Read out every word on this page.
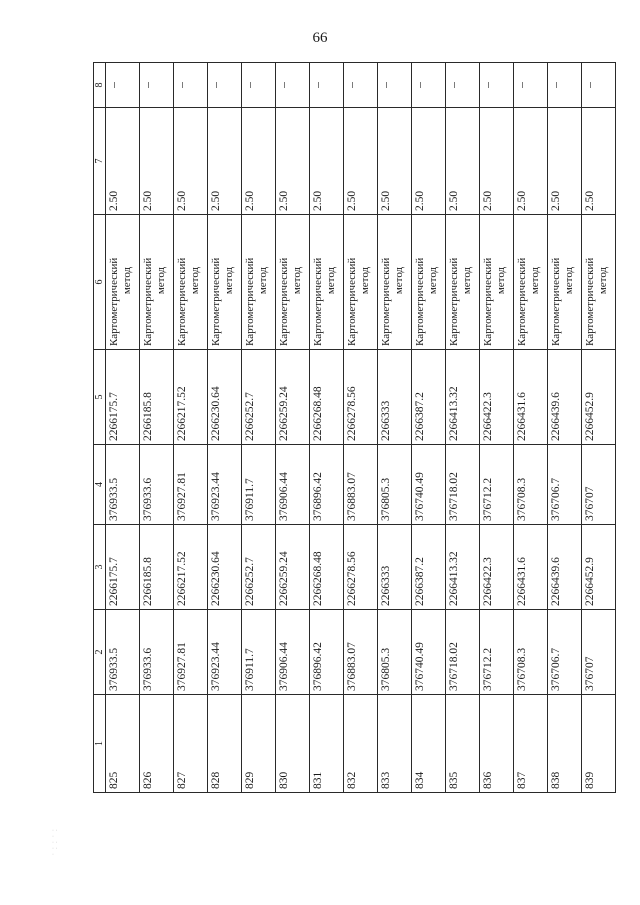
66
1	2	3	4	5	6	7	8
825	376933.5	2266175.7	376933.5	2266175.7	Картометрический метод	2.50	–
826	376933.6	2266185.8	376933.6	2266185.8	Картометрический метод	2.50	–
827	376927.81	2266217.52	376927.81	2266217.52	Картометрический метод	2.50	–
828	376923.44	2266230.64	376923.44	2266230.64	Картометрический метод	2.50	–
829	376911.7	2266252.7	376911.7	2266252.7	Картометрический метод	2.50	–
830	376906.44	2266259.24	376906.44	2266259.24	Картометрический метод	2.50	–
831	376896.42	2266268.48	376896.42	2266268.48	Картометрический метод	2.50	–
832	376883.07	2266278.56	376883.07	2266278.56	Картометрический метод	2.50	–
833	376805.3	2266333	376805.3	2266333	Картометрический метод	2.50	–
834	376740.49	2266387.2	376740.49	2266387.2	Картометрический метод	2.50	–
835	376718.02	2266413.32	376718.02	2266413.32	Картометрический метод	2.50	–
836	376712.2	2266422.3	376712.2	2266422.3	Картометрический метод	2.50	–
837	376708.3	2266431.6	376708.3	2266431.6	Картометрический метод	2.50	–
838	376706.7	2266439.6	376706.7	2266439.6	Картометрический метод	2.50	–
839	376707	2266452.9	376707	2266452.9	Картометрический метод	2.50	–
· · ·
· ·
· · ·
